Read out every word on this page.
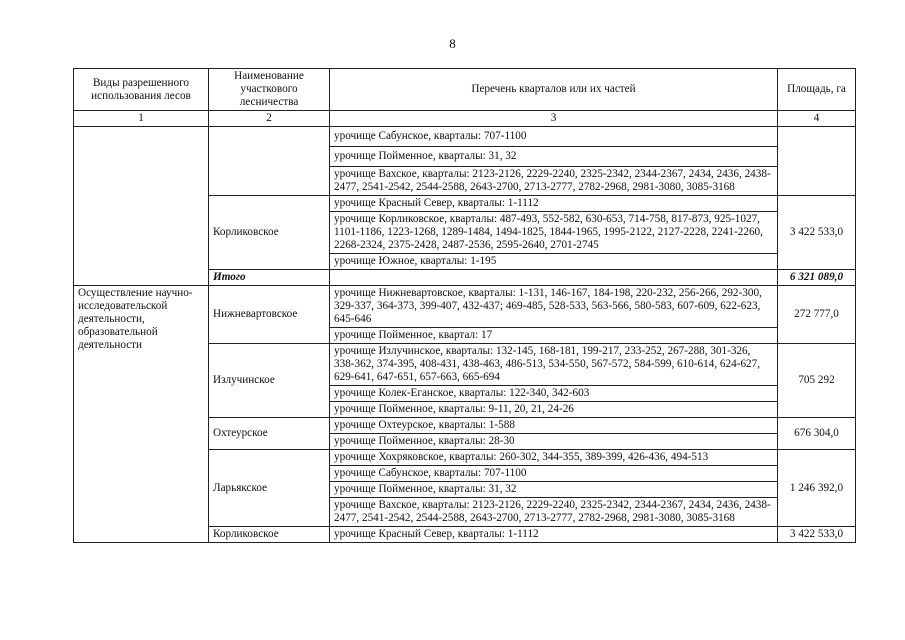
8
Виды разрешенного использования лесов	Наименование участкового лесничества	Перечень кварталов или их частей	Площадь, га
1	2	3	4
		урочище Сабунское, кварталы: 707-1100	
		урочище Пойменное, кварталы: 31, 32	
		урочище Вахское, кварталы: 2123-2126, 2229-2240, 2325-2342, 2344-2367, 2434, 2436, 2438-2477, 2541-2542, 2544-2588, 2643-2700, 2713-2777, 2782-2968, 2981-3080, 3085-3168	
	Корликовское	урочище Красный Север, кварталы: 1-1112	3 422 533,0
		урочище Корликовское, кварталы: 487-493, 552-582, 630-653, 714-758, 817-873, 925-1027, 1101-1186, 1223-1268, 1289-1484, 1494-1825, 1844-1965, 1995-2122, 2127-2228, 2241-2260, 2268-2324, 2375-2428, 2487-2536, 2595-2640, 2701-2745	
		урочище Южное, кварталы: 1-195	
	Итого		6 321 089,0
Осуществление научно-исследовательской деятельности, образовательной деятельности	Нижневартовское	урочище Нижневартовское, кварталы: 1-131, 146-167, 184-198, 220-232, 256-266, 292-300, 329-337, 364-373, 399-407, 432-437; 469-485, 528-533, 563-566, 580-583, 607-609, 622-623, 645-646	272 777,0
		урочище Пойменное, квартал: 17	
	Излучинское	урочище Излучинское, кварталы: 132-145, 168-181, 199-217, 233-252, 267-288, 301-326, 338-362, 374-395, 408-431, 438-463, 486-513, 534-550, 567-572, 584-599, 610-614, 624-627, 629-641, 647-651, 657-663, 665-694	705 292
		урочище Колек-Еганское, кварталы: 122-340, 342-603	
		урочище Пойменное, кварталы: 9-11, 20, 21, 24-26	
	Охтеурское	урочище Охтеурское, кварталы: 1-588	676 304,0
		урочище Пойменное, кварталы: 28-30	
	Ларьякское	урочище Хохряковское, кварталы: 260-302, 344-355, 389-399, 426-436, 494-513	1 246 392,0
		урочище Сабунское, кварталы: 707-1100	
		урочище Пойменное, кварталы: 31, 32	
		урочище Вахское, кварталы: 2123-2126, 2229-2240, 2325-2342, 2344-2367, 2434, 2436, 2438-2477, 2541-2542, 2544-2588, 2643-2700, 2713-2777, 2782-2968, 2981-3080, 3085-3168	
	Корликовское	урочище Красный Север, кварталы: 1-1112	3 422 533,0
